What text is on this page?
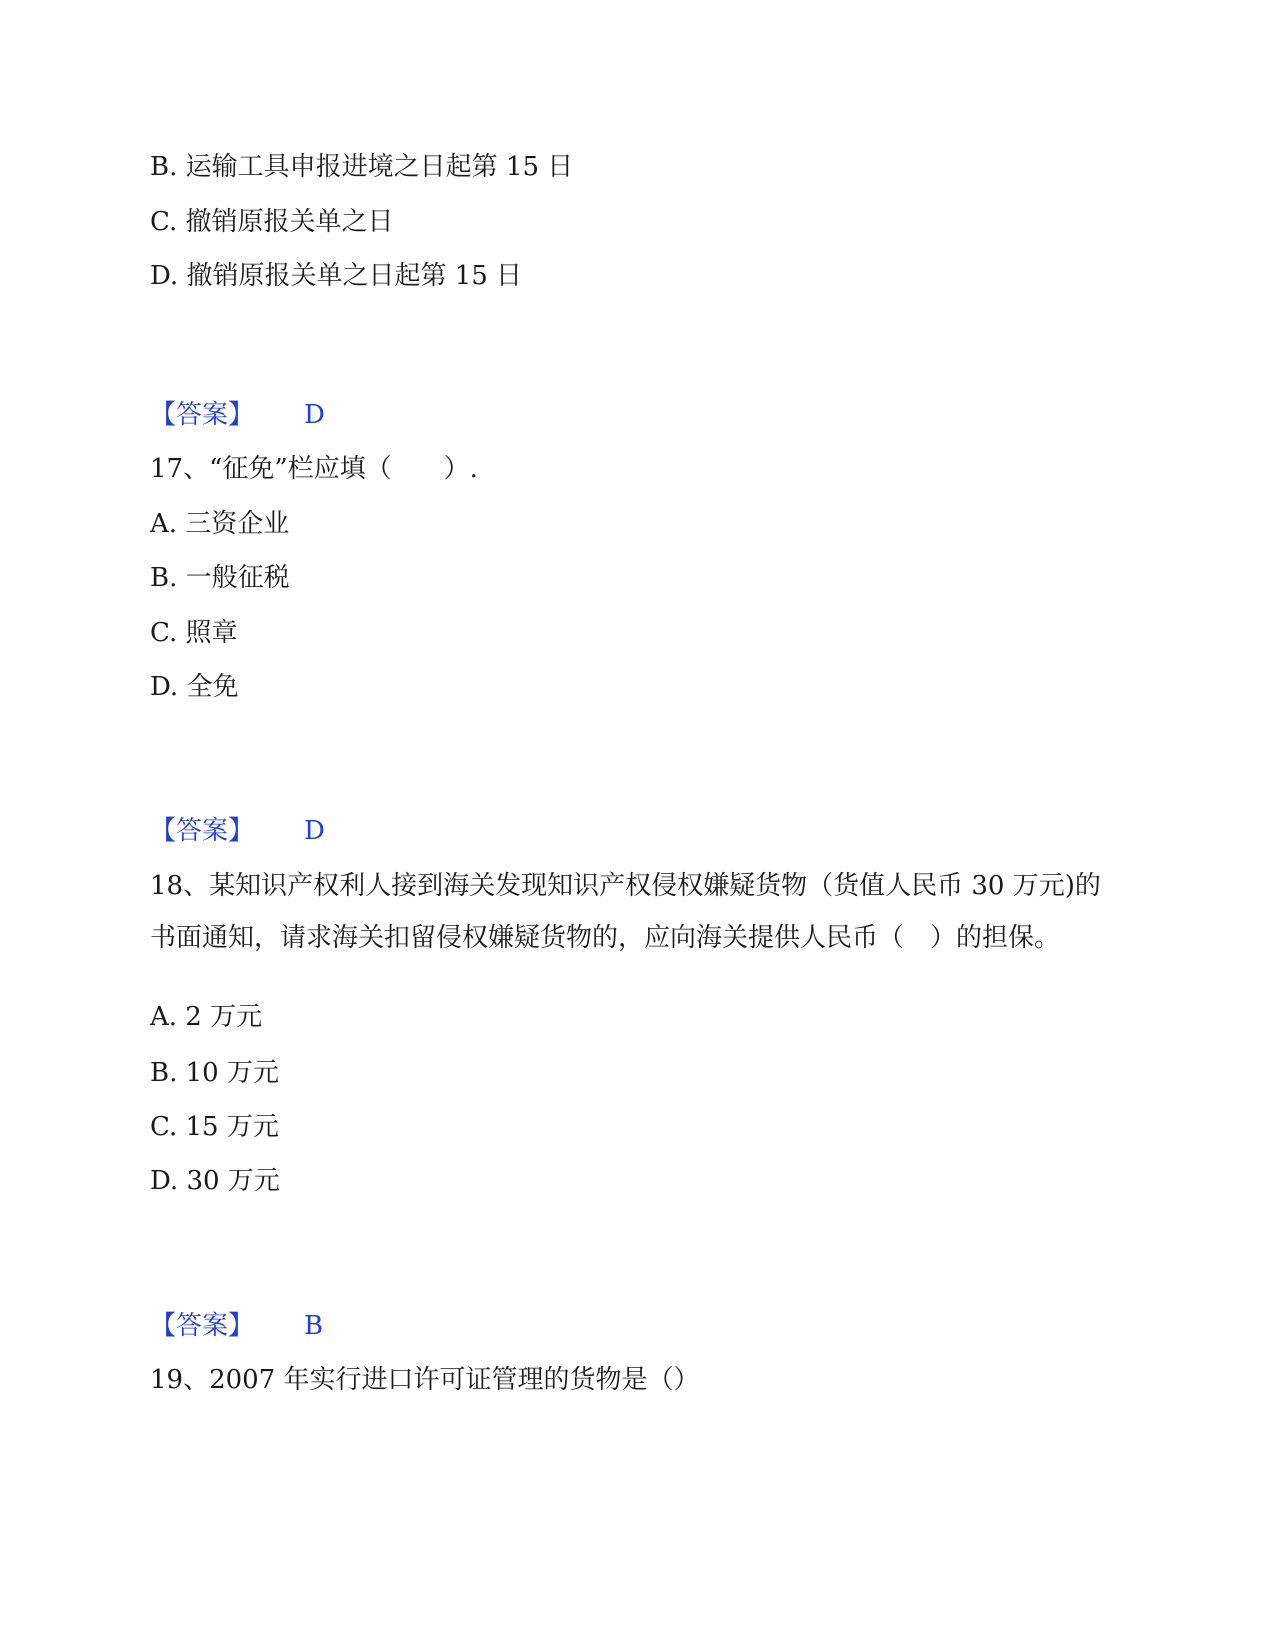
B. 运输工具申报进境之日起第 15 日
C. 撤销原报关单之日
D. 撤销原报关单之日起第 15 日
【答案】 D
17、“征免”栏应填（　　）.
A. 三资企业
B. 一般征税
C. 照章
D. 全免
【答案】 D
18、某知识产权利人接到海关发现知识产权侵权嫌疑货物（货值人民币 30 万元)的书面通知，请求海关扣留侵权嫌疑货物的，应向海关提供人民币（　）的担保。
A. 2 万元
B. 10 万元
C. 15 万元
D. 30 万元
【答案】 B
19、2007 年实行进口许可证管理的货物是（）
